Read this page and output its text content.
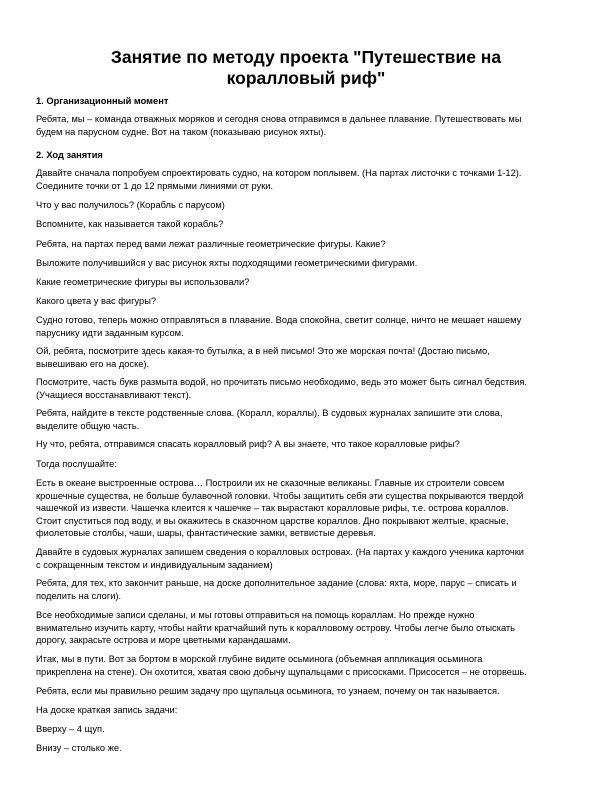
Занятие по методу проекта "Путешествие на
коралловый риф"

1. Организационный момент

Ребята, мы – команда отважных моряков и сегодня снова отправимся в дальнее плавание. Путешествовать мы
будем на парусном судне. Вот на таком (показываю рисунок яхты).

2. Ход занятия

Давайте сначала попробуем спроектировать судно, на котором поплывем. (На партах листочки с точками 1-12).
Соедините точки от 1 до 12 прямыми линиями от руки.

Что у вас получилось? (Корабль с парусом)

Вспомните, как называется такой корабль?

Ребята, на партах перед вами лежат различные геометрические фигуры. Какие?

Выложите получившийся у вас рисунок яхты подходящими геометрическими фигурами.

Какие геометрические фигуры вы использовали?

Какого цвета у вас фигуры?

Судно готово, теперь можно отправляться в плавание. Вода спокойна, светит солнце, ничто не мешает нашему
паруснику идти заданным курсом.

Ой, ребята, посмотрите здесь какая-то бутылка, а в ней письмо! Это же морская почта! (Достаю письмо,
вывешиваю его на доске).

Посмотрите, часть букв размыта водой, но прочитать письмо необходимо, ведь это может быть сигнал бедствия.
(Учащиеся восстанавливают текст).

Ребята, найдите в тексте родственные слова. (Коралл, кораллы). В судовых журналах запишите эти слова,
выделите общую часть.

Ну что, ребята, отправимся спасать коралловый риф? А вы знаете, что такое коралловые рифы?

Тогда послушайте:

Есть в океане выстроенные острова… Построили их не сказочные великаны. Главные их строители совсем
крошечные существа, не больше булавочной головки. Чтобы защитить себя эти существа покрываются твердой
чашечкой из извести. Чашечка клеится к чашечке – так вырастают коралловые рифы, т.е. острова кораллов.
Стоит спуститься под воду, и вы окажитесь в сказочном царстве кораллов. Дно покрывают желтые, красные,
фиолетовые столбы, чаши, шары, фантастические замки, ветвистые деревья.

Давайте в судовых журналах запишем сведения о коралловых островах. (На партах у каждого ученика карточки
с сокращенным текстом и индивидуальным заданием)

Ребята, для тех, кто закончит раньше, на доске дополнительное задание (слова: яхта, море, парус – списать и
поделить на слоги).

Все необходимые записи сделаны, и мы готовы отправиться на помощь кораллам. Но прежде нужно
внимательно изучить карту, чтобы найти кратчайший путь к коралловому острову. Чтобы легче было отыскать
дорогу, закрасьте острова и море цветными карандашами.

Итак, мы в пути. Вот за бортом в морской глубине видите осьминога (объемная аппликация осьминога
прикреплена на стене). Он охотится, хватая свою добычу щупальцами с присосками. Присосется – не оторвешь.

Ребята, если мы правильно решим задачу про щупальца осьминога, то узнаем, почему он так называется.

На доске краткая запись задачи:

Вверху – 4 щуп.

Внизу – столько же.
